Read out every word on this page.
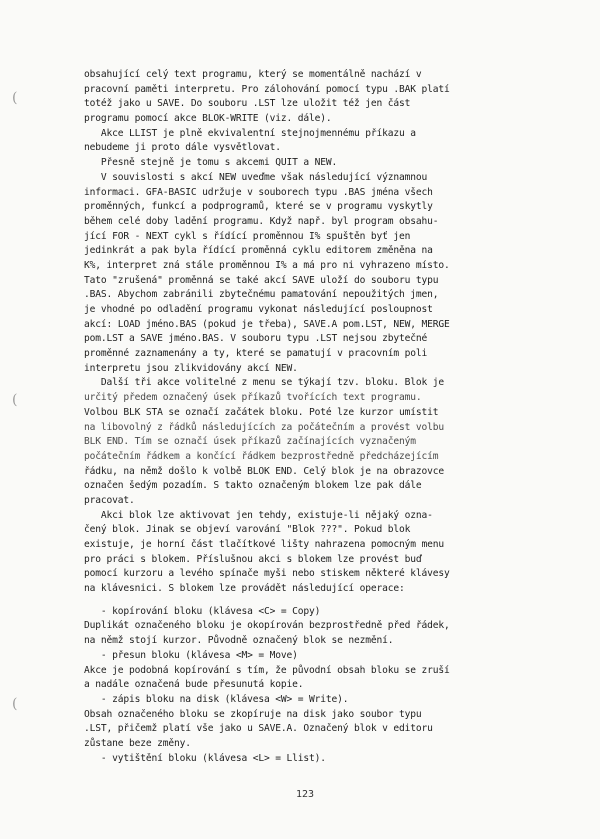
(
(
(
obsahující celý text programu, který se momentálně nachází v
pracovní paměti interpretu. Pro zálohování pomocí typu .BAK platí
totéž jako u SAVE. Do souboru .LST lze uložit též jen část
programu pomocí akce BLOK-WRITE (viz. dále).
Akce LLIST je plně ekvivalentní stejnojmennému příkazu a
nebudeme ji proto dále vysvětlovat.
Přesně stejně je tomu s akcemi QUIT a NEW.
V souvislosti s akcí NEW uveďme však následující významnou
informaci. GFA-BASIC udržuje v souborech typu .BAS jména všech
proměnných, funkcí a podprogramů, které se v programu vyskytly
během celé doby ladění programu. Když např. byl program obsahu-
jící FOR - NEXT cykl s řídící proměnnou I% spuštěn byť jen
jedinkrát a pak byla řídící proměnná cyklu editorem změněna na
K%, interpret zná stále proměnnou I% a má pro ni vyhrazeno místo.
Tato "zrušená" proměnná se také akcí SAVE uloží do souboru typu
.BAS. Abychom zabránili zbytečnému pamatování nepoužitých jmen,
je vhodné po odladění programu vykonat následující posloupnost
akcí: LOAD jméno.BAS (pokud je třeba), SAVE.A pom.LST, NEW, MERGE
pom.LST a SAVE jméno.BAS. V souboru typu .LST nejsou zbytečné
proměnné zaznamenány a ty, které se pamatují v pracovním poli
interpretu jsou zlikvidovány akcí NEW.
Další tři akce volitelné z menu se týkají tzv. bloku. Blok je
určitý předem označený úsek příkazů tvořících text programu.
Volbou BLK STA se označí začátek bloku. Poté lze kurzor umístit
na libovolný z řádků následujících za počátečním a provést volbu
BLK END. Tím se označí úsek příkazů začínajících vyznačeným
počátečním řádkem a končící řádkem bezprostředně předcházejícím
řádku, na němž došlo k volbě BLOK END. Celý blok je na obrazovce
označen šedým pozadím. S takto označeným blokem lze pak dále
pracovat.
Akci blok lze aktivovat jen tehdy, existuje-li nějaký ozna-
čený blok. Jinak se objeví varování "Blok ???". Pokud blok
existuje, je horní část tlačítkové lišty nahrazena pomocným menu
pro práci s blokem. Příslušnou akci s blokem lze provést buď
pomocí kurzoru a levého spínače myši nebo stiskem některé klávesy
na klávesnici. S blokem lze provádět následující operace:
- kopírování bloku (klávesa <C> = Copy)
Duplikát označeného bloku je okopírován bezprostředně před řádek,
na němž stojí kurzor. Původně označený blok se nezmění.
- přesun bloku (klávesa <M> = Move)
Akce je podobná kopírování s tím, že původní obsah bloku se zruší
a nadále označená bude přesunutá kopie.
- zápis bloku na disk (klávesa <W> = Write).
Obsah označeného bloku se zkopíruje na disk jako soubor typu
.LST, přičemž platí vše jako u SAVE.A. Označený blok v editoru
zůstane beze změny.
- vytištění bloku (klávesa <L> = Llist).
123
